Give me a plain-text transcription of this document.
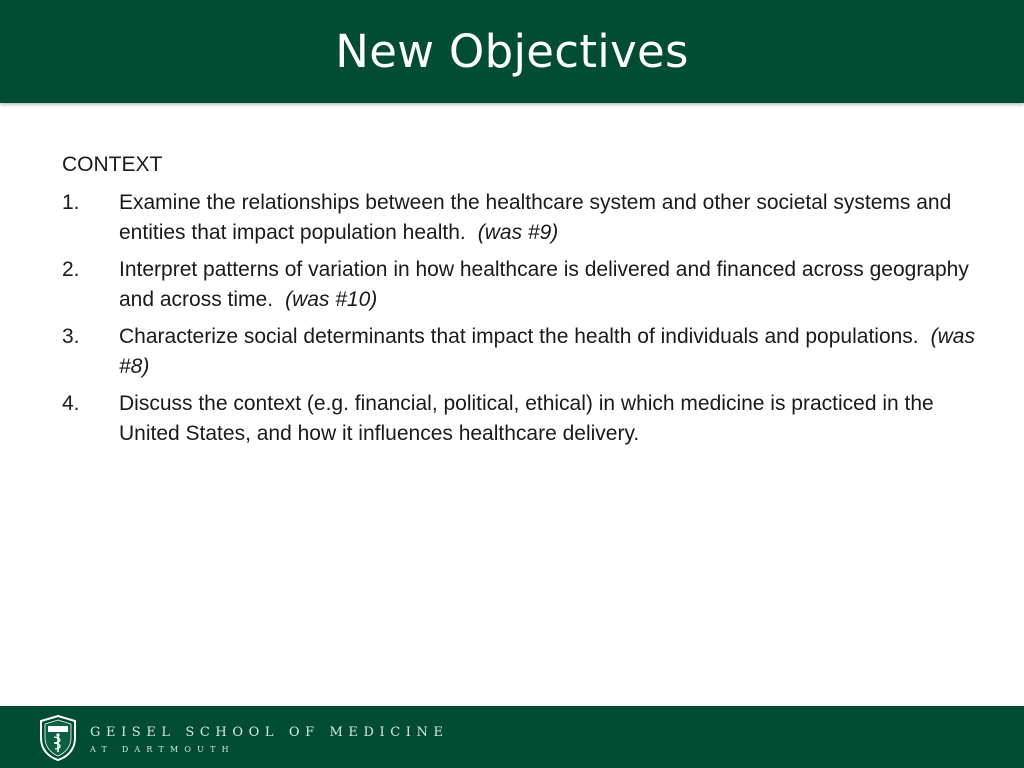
New Objectives
CONTEXT
1.	Examine the relationships between the healthcare system and other societal systems and entities that impact population health. (was #9)
2.	Interpret patterns of variation in how healthcare is delivered and financed across geography and across time. (was #10)
3.	Characterize social determinants that impact the health of individuals and populations. (was #8)
4.	Discuss the context (e.g. financial, political, ethical) in which medicine is practiced in the United States, and how it influences healthcare delivery.
GEISEL SCHOOL OF MEDICINE
AT DARTMOUTH
